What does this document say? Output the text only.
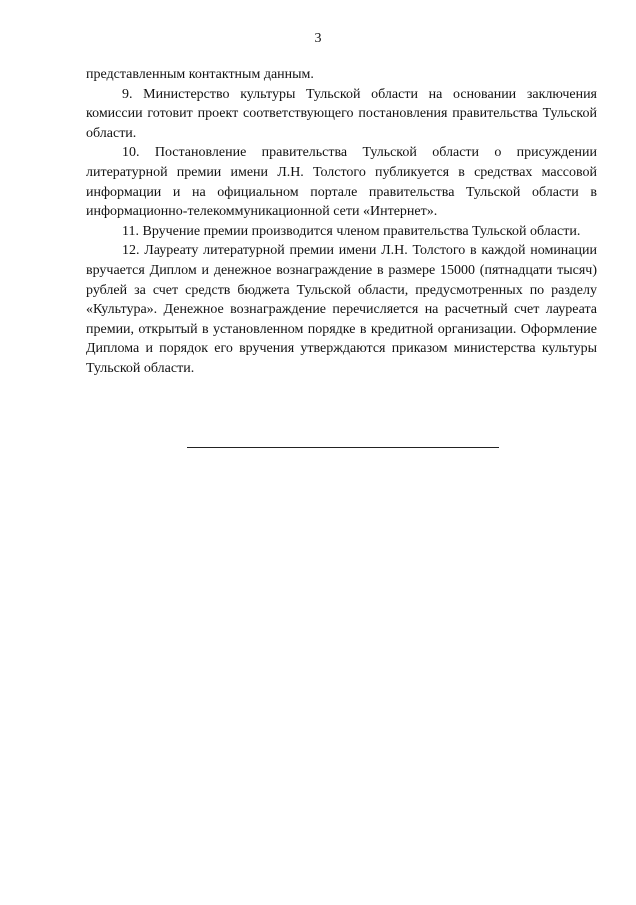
3

представленным контактным данным.

9. Министерство культуры Тульской области на основании заключения комиссии готовит проект соответствующего постановления правительства Тульской области.

10. Постановление правительства Тульской области о присуждении литературной премии имени Л.Н. Толстого публикуется в средствах массовой информации и на официальном портале правительства Тульской области в информационно-телекоммуникационной сети «Интернет».

11. Вручение премии производится членом правительства Тульской области.

12. Лауреату литературной премии имени Л.Н. Толстого в каждой номинации вручается Диплом и денежное вознаграждение в размере 15000 (пятнадцати тысяч) рублей за счет средств бюджета Тульской области, предусмотренных по разделу «Культура». Денежное вознаграждение перечисляется на расчетный счет лауреата премии, открытый в установленном порядке в кредитной организации. Оформление Диплома и порядок его вручения утверждаются приказом министерства культуры Тульской области.
